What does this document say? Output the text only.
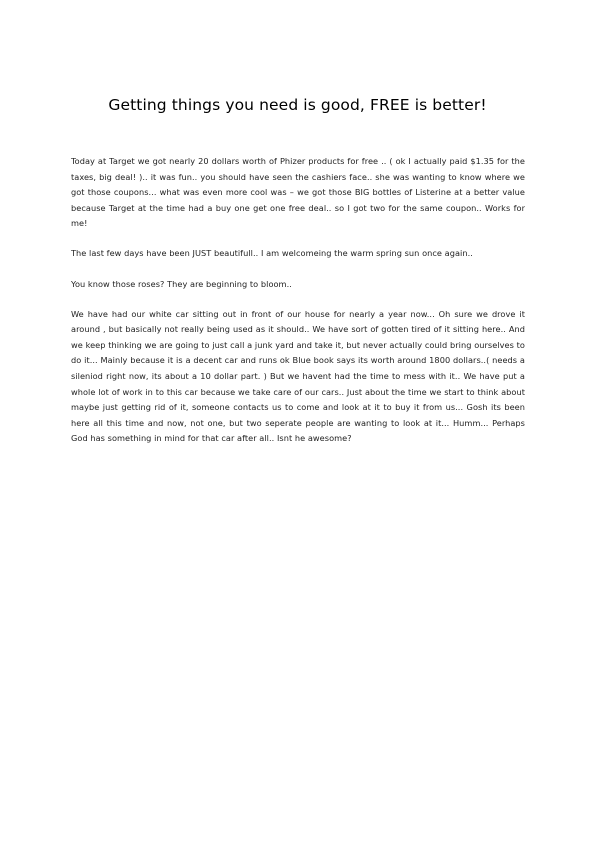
Getting things you need is good, FREE is better!

Today at Target we got nearly 20 dollars worth of Phizer products for free .. ( ok I actually paid $1.35 for the taxes, big deal! ).. it was fun.. you should have seen the cashiers face.. she was wanting to know where we got those coupons... what was even more cool was – we got those BIG bottles of Listerine at a better value because Target at the time had a buy one get one free deal.. so I got two for the same coupon.. Works for me!

The last few days have been JUST beautifull.. I am welcomeing the warm spring sun once again..

You know those roses? They are beginning to bloom..

We have had our white car sitting out in front of our house for nearly a year now... Oh sure we drove it around , but basically not really being used as it should.. We have sort of gotten tired of it sitting here.. And we keep thinking we are going to just call a junk yard and take it, but never actually could bring ourselves to do it... Mainly because it is a decent car and runs ok Blue book says its worth around 1800 dollars..( needs a sileniod right now, its about a 10 dollar part. ) But we havent had the time to mess with it.. We have put a whole lot of work in to this car because we take care of our cars.. Just about the time we start to think about maybe just getting rid of it, someone contacts us to come and look at it to buy it from us... Gosh its been here all this time and now, not one, but two seperate people are wanting to look at it... Humm... Perhaps God has something in mind for that car after all.. Isnt he awesome?
